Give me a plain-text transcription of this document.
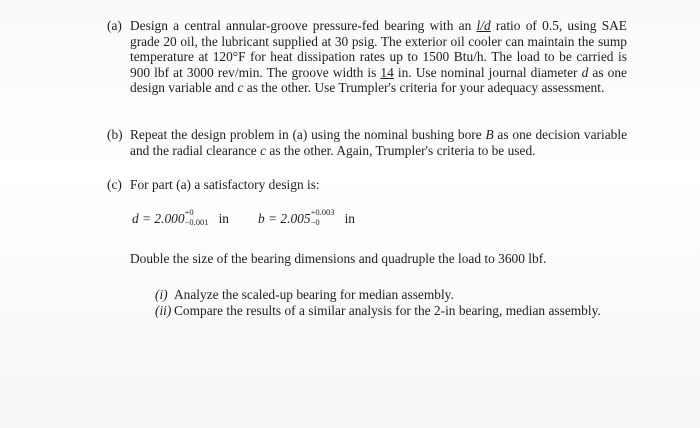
(a) Design a central annular-groove pressure-fed bearing with an l/d ratio of 0.5, using SAE grade 20 oil, the lubricant supplied at 30 psig. The exterior oil cooler can maintain the sump temperature at 120°F for heat dissipation rates up to 1500 Btu/h. The load to be carried is 900 lbf at 3000 rev/min. The groove width is 14 in. Use nominal journal diameter d as one design variable and c as the other. Use Trumpler's criteria for your adequacy assessment.
(b) Repeat the design problem in (a) using the nominal bushing bore B as one decision variable and the radial clearance c as the other. Again, Trumpler's criteria to be used.
(c) For part (a) a satisfactory design is:
d = 2.000 +0
−0.001 in b = 2.005 +0.003
−0 in
Double the size of the bearing dimensions and quadruple the load to 3600 lbf.
(i) Analyze the scaled-up bearing for median assembly.
(ii) Compare the results of a similar analysis for the 2-in bearing, median assembly.
